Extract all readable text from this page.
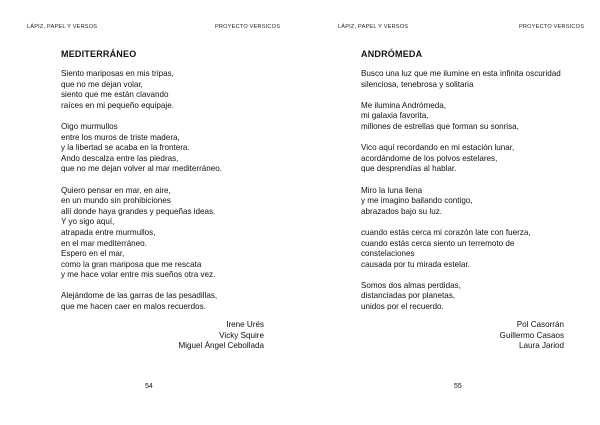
LÁPIZ, PAPEL Y VERSOS	PROYECTO VERSICOS
MEDITERRÁNEO
Siento mariposas en mis tripas,
que no me dejan volar,
siento que me están clavando
raíces en mi pequeño equipaje.
Oigo murmullos
entre los muros de triste madera,
y la libertad se acaba en la frontera.
Ando descalza entre las piedras,
que no me dejan volver al mar mediterráneo.
Quiero pensar en mar, en aire,
en un mundo sin prohibiciones
allí donde haya grandes y pequeñas ideas.
Y yo sigo aquí,
atrapada entre murmullos,
en el mar mediterráneo.
Espero en el mar,
como la gran mariposa que me rescata
y me hace volar entre mis sueños otra vez.
Alejándome de las garras de las pesadillas,
que me hacen caer en malos recuerdos.
Irene Urés
Vicky Squire
Miguel Ángel Cebollada
54
LÁPIZ, PAPEL Y VERSOS	PROYECTO VERSICOS
ANDRÓMEDA
Busco una luz que me ilumine en esta infinita oscuridad
silenciosa, tenebrosa y solitaria
Me ilumina Andrómeda,
mi galaxia favorita,
millones de estrellas que forman su sonrisa,
Vico aquí recordando en mi estación lunar,
acordándome de los polvos estelares,
que desprendías al hablar.
Miro la luna llena
y me imagino bailando contigo,
abrazados bajo su luz.
cuando estás cerca mi corazón late con fuerza,
cuando estás cerca siento un terremoto de
constelaciones
causada por tu mirada estelar.
Somos dos almas perdidas,
distanciadas por planetas,
unidos por el recuerdo.
Pol Casorrán
Guillermo Casaos
Laura Jariod
55
